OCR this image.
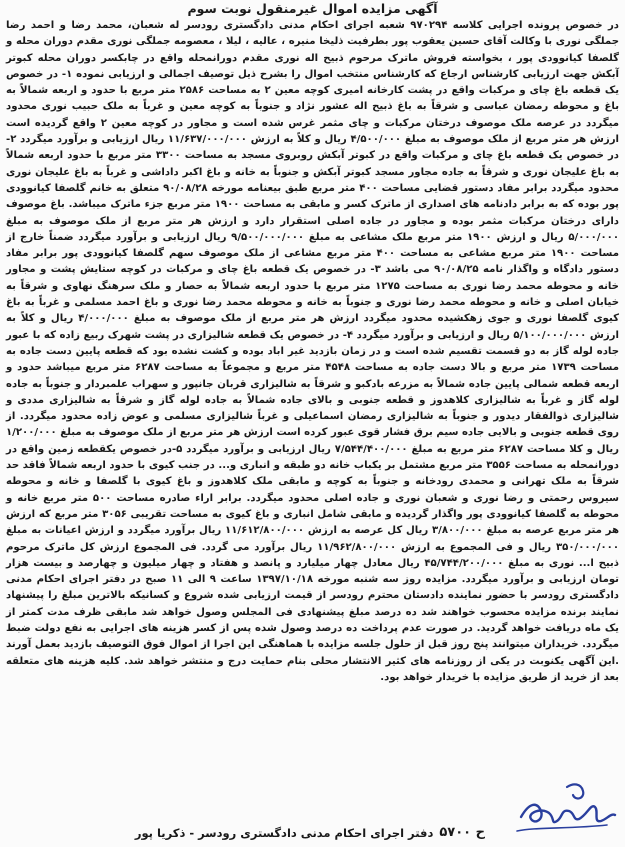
آگهی مزایده اموال غیرمنقول نوبت سوم

در خصوص پرونده اجرایی کلاسه ۹۷۰۲۹۴ شعبه اجرای احکام مدنی دادگستری رودسر له شعبان، محمد رضا و احمد رضا جملگی نوری با وکالت آقای حسین یعقوب پور بطرفیت ذلیخا منیره ، عالیه ، لیلا ، معصومه جملگی نوری مقدم دوران محله و گلصفا کیانوودی پور ، بخواسته فروش ماترک مرحوم ذبیح اله نوری مقدم دورانمحله واقع در چابکسر دوران محله کبوتر آبکش جهت ارزیابی کارشناس ارجاع که کارشناس منتخب اموال را بشرح ذیل توصیف اجمالی و ارزیابی نموده ۱- در خصوص یک قطعه باغ چای و مرکبات واقع در پشت کارخانه امیری کوچه معین ۲ به مساحت ۲۵۸۶ متر مربع با حدود و اربعه شمالاً به باغ و محوطه رمضان عباسی و شرقاً به باغ ذبیح اله عشور نژاد و جنوباً به کوچه معین و غرباً به ملک حبیب نوری محدود میگردد در عرصه ملک موصوف درختان مرکبات و چای مثمر غرس شده است و مجاور در کوچه معین ۲ واقع گردیده است ارزش هر متر مربع از ملک موصوف به مبلغ ۴/۵۰۰/۰۰۰ ریال و کلاً به ارزش ۱۱/۶۳۷/۰۰۰/۰۰۰ ریال ارزیابی و برآورد میگردد ۲- در خصوص یک قطعه باغ چای و مرکبات واقع در کبوتر آبکش روبروی مسجد به مساحت ۳۳۰۰ متر مربع با حدود اربعه شمالاً به باغ علیجان نوری و شرقاً به جاده مجاور مسجد کبوتر آبکش و جنوباً به خانه و باغ اکبر داداشی و غرباً به باغ علیجان نوری محدود میگردد برابر مفاد دستور قضایی مساحت ۴۰۰ متر مربع طبق بیعنامه مورخه ۹۰/۰۸/۲۸ متعلق به خانم گلصفا کیانوودی پور بوده که به برابر دادنامه های اصداری از ماترک کسر و مابقی به مساحت ۱۹۰۰ متر مربع جزء ماترک میباشد. باغ موصوف دارای درختان مرکبات مثمر بوده و مجاور در جاده اصلی استقرار دارد و ارزش هر متر مربع از ملک موصوف به مبلغ ۵/۰۰۰/۰۰۰ ریال و ارزش ۱۹۰۰ متر مربع ملک مشاعی به مبلغ ۹/۵۰۰/۰۰۰/۰۰۰ ریال ارزیابی و برآورد میگردد ضمناً خارج از مساحت ۱۹۰۰ متر مربع مشاعی به مساحت ۴۰۰ متر مربع مشاعی از ملک موصوف سهم گلصفا کیانوودی پور برابر مفاد دستور دادگاه و واگذار نامه ۹۰/۰۸/۲۵ می باشد ۳- در خصوص یک قطعه باغ چای و مرکبات در کوچه ستایش پشت و مجاور خانه و محوطه محمد رضا نوری به مساحت ۱۲۷۵ متر مربع با حدود اربعه شمالاً به حصار و ملک سرهنگ نهاوی و شرقاً به خیابان اصلی و خانه و محوطه محمد رضا نوری و جنوباً به خانه و محوطه محمد رضا نوری و باغ احمد مسلمی و غرباً به باغ کیوی گلصفا نوری و جوی زهکشیده محدود میگردد ارزش هر متر مربع از ملک موصوف به مبلغ ۴/۰۰۰/۰۰۰ ریال و کلاً به ارزش ۵/۱۰۰/۰۰۰/۰۰۰ ریال و ارزیابی و برآورد میگردد ۴- در خصوص یک قطعه شالیزاری در پشت شهرک ربیع زاده که با عبور جاده لوله گاز به دو قسمت تقسیم شده است و در زمان بازدید غیر اباد بوده و کشت نشده بود که قطعه پایین دست جاده به مساحت ۱۷۳۹ متر مربع و بالا دست جاده به مساحت ۴۵۴۸ متر مربع و مجموعاً به مساحت ۶۲۸۷ متر مربع میباشد حدود و اربعه قطعه شمالی پایین جاده شمالاً به مزرعه بادکبو و شرقاً به شالیزاری قربان جانپور و سهراب علمبردار و جنوباً به جاده لوله گاز و غرباً به شالیزاری کلاهدوز و قطعه جنوبی و بالای جاده شمالاً به جاده لوله گاز و شرقاً به شالیزاری مددی و شالیزاری ذوالفقار دیدور و جنوباً به شالیزاری رمضان اسماعیلی و غرباً شالیزاری مسلمی و عوض زاده محدود میگردد. از روی قطعه جنوبی و بالایی جاده سیم برق فشار قوی عبور کرده است ارزش هر متر مربع از ملک موصوف به مبلغ ۱/۲۰۰/۰۰۰ ریال و کلا مساحت ۶۲۸۷ متر مربع به مبلغ ۷/۵۴۴/۴۰۰/۰۰۰ ریال ارزیابی و برآورد میگردد ۵-در خصوص یکقطعه زمین واقع در دورانمحله به مساحت ۳۵۵۶ متر مربع مشتمل بر یکباب خانه دو طبقه و انباری و... در جنب کیوی با حدود اربعه شمالاً فاقد حد شرقاً به ملک تهرانی و محمدی رودخانه و جنوباً به کوچه و مابقی ملک کلاهدوز و باغ کیوی با گلصفا و خانه و محوطه سیروس رحمتی و رضا نوری و شعبان نوری و جاده اصلی محدود میگردد. برابر اراء صادره مساحت ۵۰۰ متر مربع خانه و محوطه به گلصفا کیانوودی پور واگذار گردیده و مابقی شامل انباری و باغ کیوی به مساحت تقریبی ۳۰۵۶ متر مربع که ارزش هر متر مربع عرصه به مبلغ ۳/۸۰۰/۰۰۰ ریال کل عرصه به ارزش ۱۱/۶۱۲/۸۰۰/۰۰۰ ریال برآورد میگردد و ارزش اعیانات به مبلغ ۳۵۰/۰۰۰/۰۰۰ ریال و فی المجموع به ارزش ۱۱/۹۶۲/۸۰۰/۰۰۰ ریال برآورد می گردد. فی المجموع ارزش کل ماترک مرحوم ذبیح ا... نوری به مبلغ ۴۵/۷۴۴/۲۰۰/۰۰۰ ریال معادل چهار میلیارد و پانصد و هفتاد و چهار میلیون و چهارصد و بیست هزار تومان ارزیابی و برآورد میگردد. مزایده روز سه شنبه مورخه ۱۳۹۷/۱۰/۱۸ ساعت ۹ الی ۱۱ صبح در دفتر اجرای احکام مدنی دادگستری رودسر با حضور نماینده دادستان محترم رودسر از قیمت ارزیابی شده شروع و کسانیکه بالاترین مبلغ را پیشنهاد نمایند برنده مزایده محسوب خواهند شد ده درصد مبلغ پیشنهادی فی المجلس وصول خواهد شد مابقی ظرف مدت کمتر از یک ماه دریافت خواهد گردید. در صورت عدم پرداخت ده درصد وصول شده پس از کسر هزینه های اجرایی به نفع دولت ضبط میگردد. خریداران میتوانند پنج روز قبل از حلول جلسه مزایده با هماهنگی این اجرا از اموال فوق التوصیف بازدید بعمل آورند .این آگهی یکنوبت در یکی از روزنامه های کثیر الانتشار محلی بنام حمایت درج و منتشر خواهد شد. کلیه هزینه های متعلقه بعد از خرید از طریق مزایده با خریدار خواهد بود.

ح ۵۷۰۰
دفتر اجرای احکام مدنی دادگستری رودسر - ذکریا پور
